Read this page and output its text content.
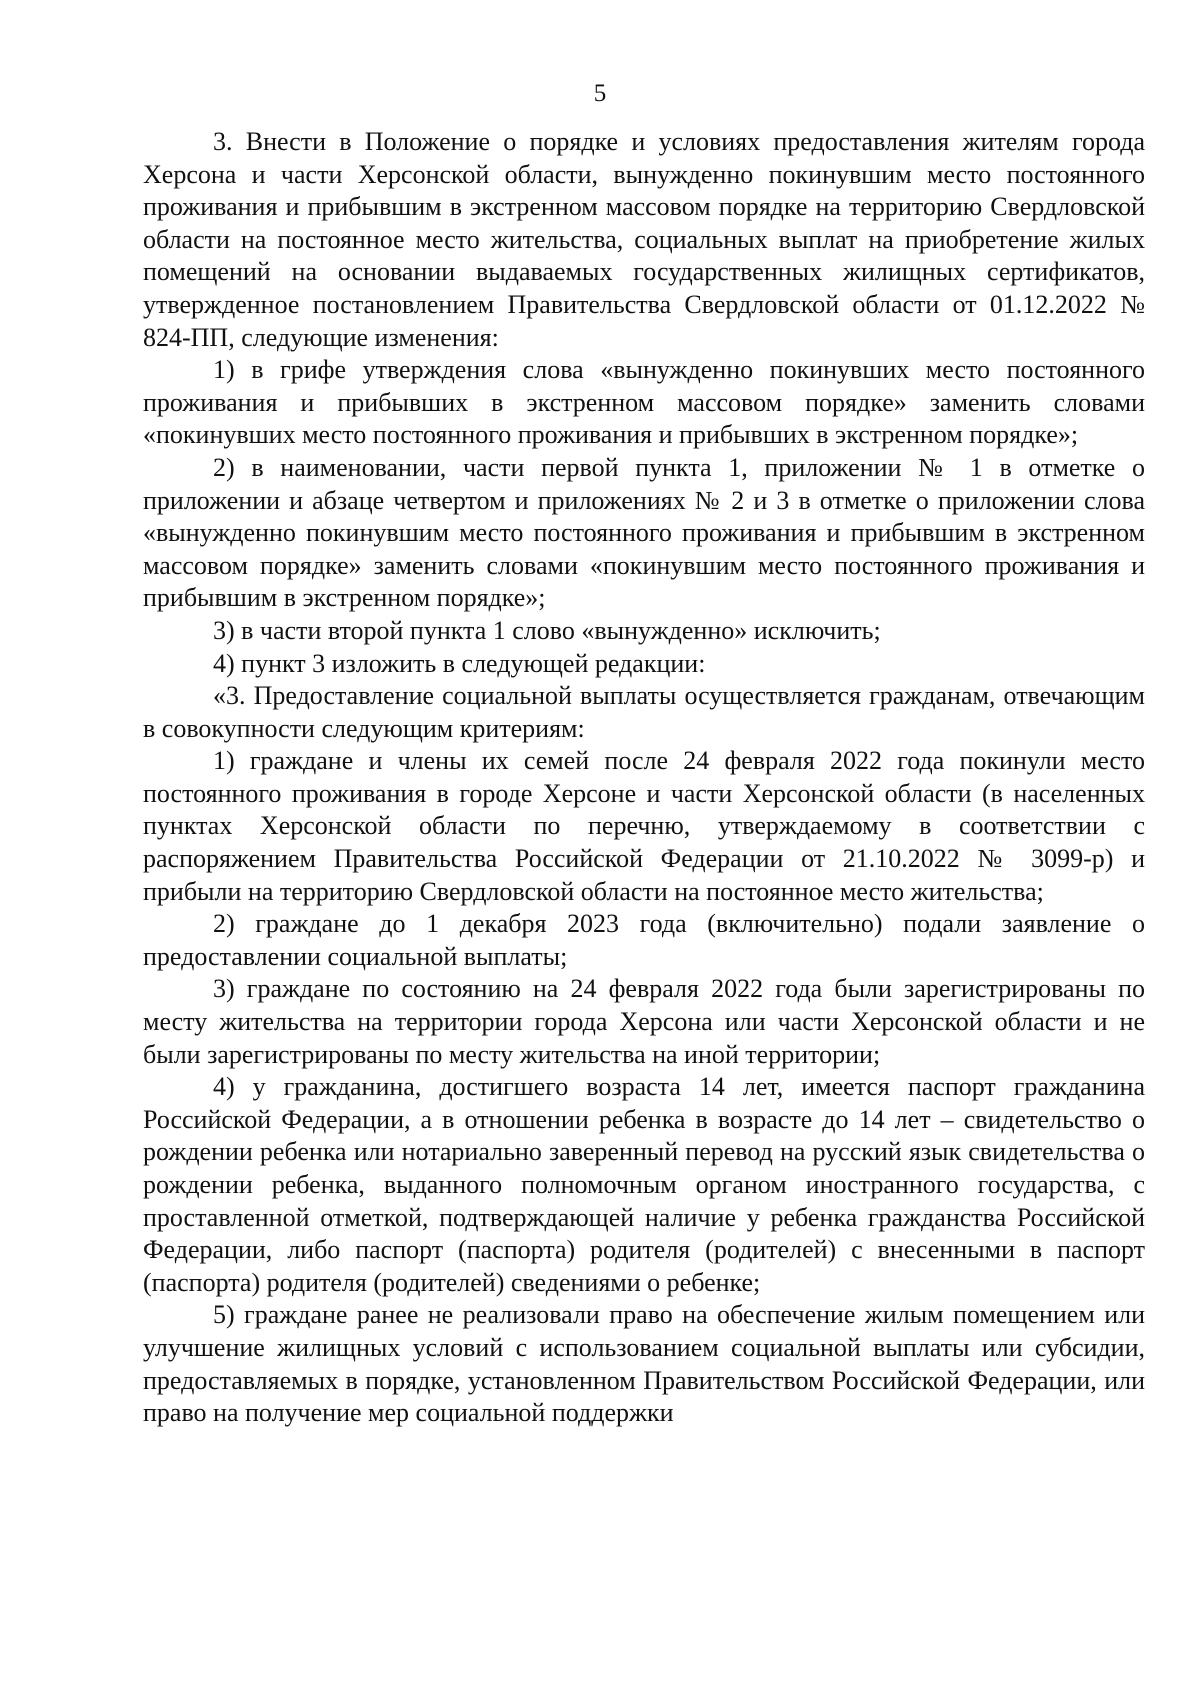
5

3. Внести в Положение о порядке и условиях предоставления жителям города Херсона и части Херсонской области, вынужденно покинувшим место постоянного проживания и прибывшим в экстренном массовом порядке на территорию Свердловской области на постоянное место жительства, социальных выплат на приобретение жилых помещений на основании выдаваемых государственных жилищных сертификатов, утвержденное постановлением Правительства Свердловской области от 01.12.2022 № 824-ПП, следующие изменения:

1) в грифе утверждения слова «вынужденно покинувших место постоянного проживания и прибывших в экстренном массовом порядке» заменить словами «покинувших место постоянного проживания и прибывших в экстренном порядке»;

2) в наименовании, части первой пункта 1, приложении № 1 в отметке о приложении и абзаце четвертом и приложениях № 2 и 3 в отметке о приложении слова «вынужденно покинувшим место постоянного проживания и прибывшим в экстренном массовом порядке» заменить словами «покинувшим место постоянного проживания и прибывшим в экстренном порядке»;

3) в части второй пункта 1 слово «вынужденно» исключить;

4) пункт 3 изложить в следующей редакции:

«3. Предоставление социальной выплаты осуществляется гражданам, отвечающим в совокупности следующим критериям:

1) граждане и члены их семей после 24 февраля 2022 года покинули место постоянного проживания в городе Херсоне и части Херсонской области (в населенных пунктах Херсонской области по перечню, утверждаемому в соответствии с распоряжением Правительства Российской Федерации от 21.10.2022 № 3099-р) и прибыли на территорию Свердловской области на постоянное место жительства;

2) граждане до 1 декабря 2023 года (включительно) подали заявление о предоставлении социальной выплаты;

3) граждане по состоянию на 24 февраля 2022 года были зарегистрированы по месту жительства на территории города Херсона или части Херсонской области и не были зарегистрированы по месту жительства на иной территории;

4) у гражданина, достигшего возраста 14 лет, имеется паспорт гражданина Российской Федерации, а в отношении ребенка в возрасте до 14 лет – свидетельство о рождении ребенка или нотариально заверенный перевод на русский язык свидетельства о рождении ребенка, выданного полномочным органом иностранного государства, с проставленной отметкой, подтверждающей наличие у ребенка гражданства Российской Федерации, либо паспорт (паспорта) родителя (родителей) с внесенными в паспорт (паспорта) родителя (родителей) сведениями о ребенке;

5) граждане ранее не реализовали право на обеспечение жилым помещением или улучшение жилищных условий с использованием социальной выплаты или субсидии, предоставляемых в порядке, установленном Правительством Российской Федерации, или право на получение мер социальной поддержки
